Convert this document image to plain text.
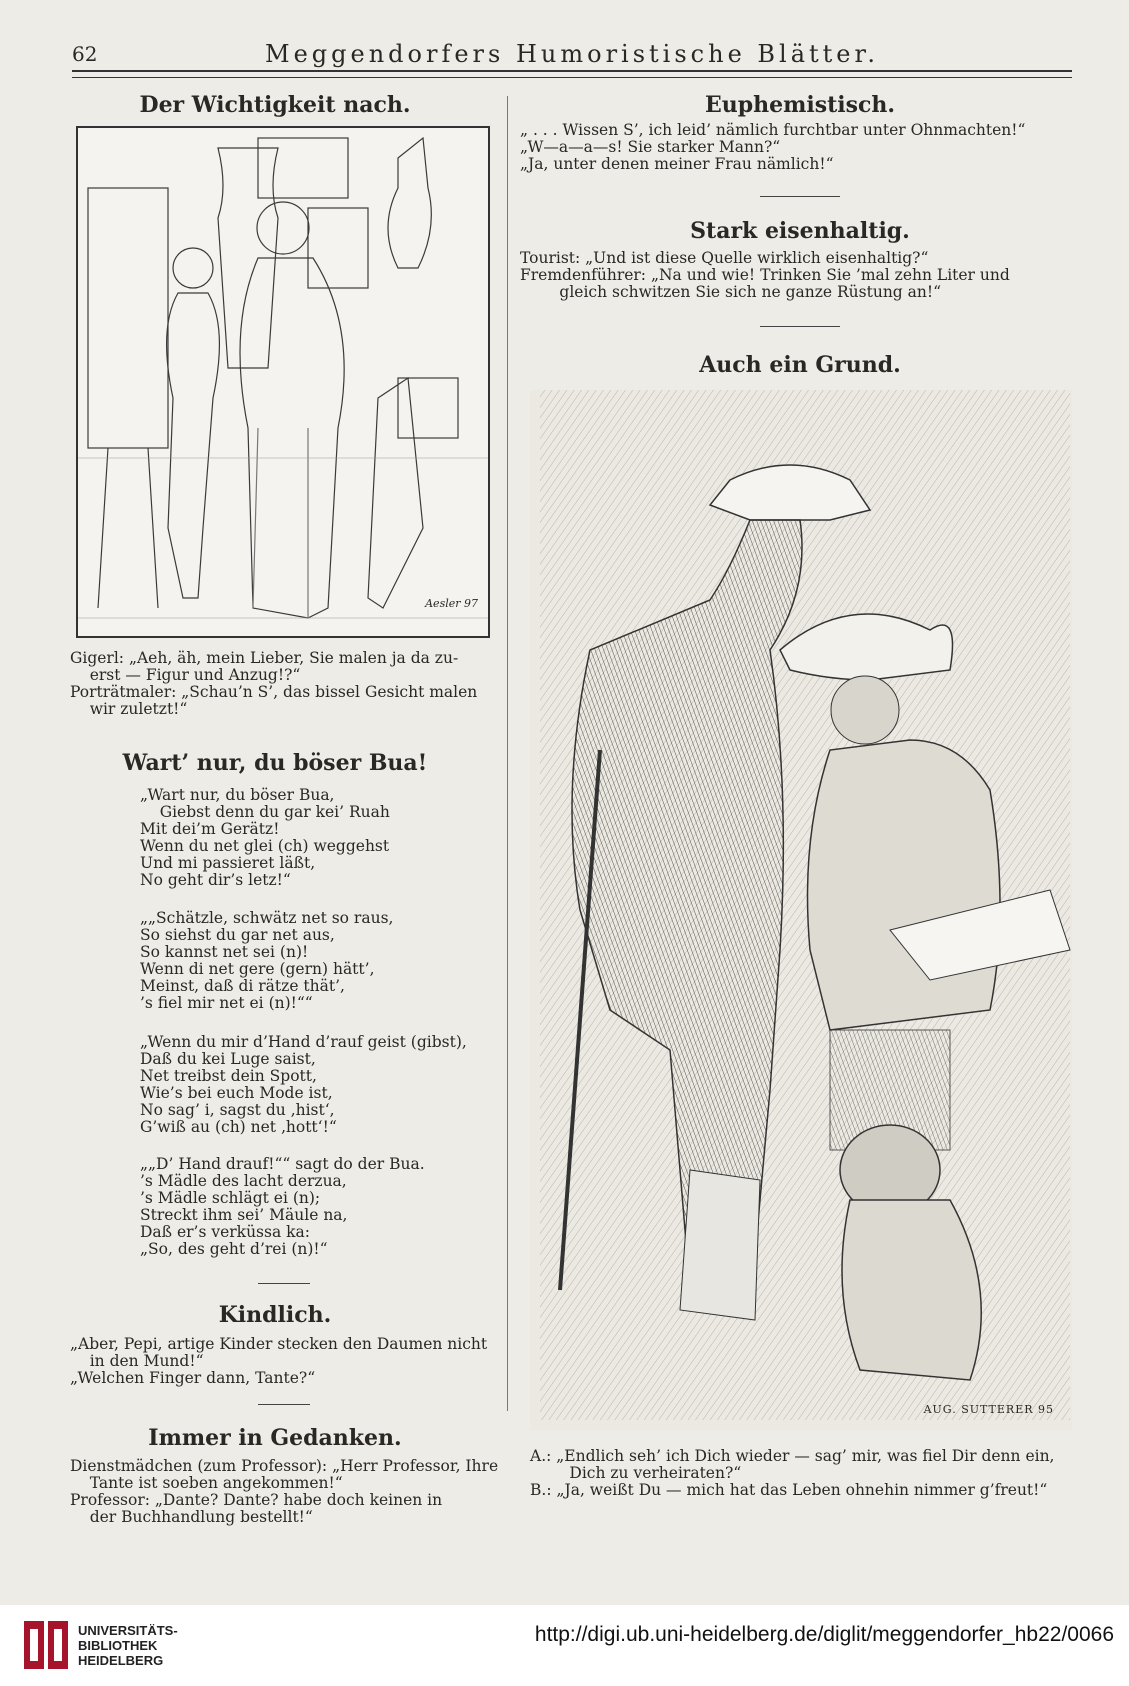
62	Meggendorfers Humoristische Blätter.
Der Wichtigkeit nach.
Aesler 97
Gigerl: „Aeh, äh, mein Lieber, Sie malen ja da zu-
erst — Figur und Anzug!?“
Porträtmaler: „Schau’n S’, das bissel Gesicht malen
wir zuletzt!“
Wart’ nur, du böser Bua!
„Wart nur, du böser Bua,
Giebst denn du gar kei’ Ruah
Mit dei’m Gerätz!
Wenn du net glei (ch) weggehst
Und mi passieret läßt,
No geht dir’s letz!“
„„Schätzle, schwätz net so raus,
So siehst du gar net aus,
So kannst net sei (n)!
Wenn di net gere (gern) hätt’,
Meinst, daß di rätze thät’,
’s fiel mir net ei (n)!““
„Wenn du mir d’Hand d’rauf geist (gibst),
Daß du kei Luge saist,
Net treibst dein Spott,
Wie’s bei euch Mode ist,
No sag’ i, sagst du ‚hist‘,
G’wiß au (ch) net ‚hott‘!“
„„D’ Hand drauf!““ sagt do der Bua.
’s Mädle des lacht derzua,
’s Mädle schlägt ei (n);
Streckt ihm sei’ Mäule na,
Daß er’s verküssa ka:
„So, des geht d’rei (n)!“
Kindlich.
„Aber, Pepi, artige Kinder stecken den Daumen nicht
in den Mund!“
„Welchen Finger dann, Tante?“
Immer in Gedanken.
Dienstmädchen (zum Professor): „Herr Professor, Ihre
Tante ist soeben angekommen!“
Professor: „Dante? Dante? habe doch keinen in
der Buchhandlung bestellt!“
Euphemistisch.
„ . . . Wissen S’, ich leid’ nämlich furchtbar unter Ohnmachten!“
„W—a—a—s! Sie starker Mann?“
„Ja, unter denen meiner Frau nämlich!“
Stark eisenhaltig.
Tourist: „Und ist diese Quelle wirklich eisenhaltig?“
Fremdenführer: „Na und wie! Trinken Sie ’mal zehn Liter und
gleich schwitzen Sie sich ne ganze Rüstung an!“
Auch ein Grund.
AUG. SUTTERER 95
A.: „Endlich seh’ ich Dich wieder — sag’ mir, was fiel Dir denn ein,
Dich zu verheiraten?“
B.: „Ja, weißt Du — mich hat das Leben ohnehin nimmer g’freut!“
UNIVERSITÄTS-
BIBLIOTHEK
HEIDELBERG
http://digi.ub.uni-heidelberg.de/diglit/meggendorfer_hb22/0066
